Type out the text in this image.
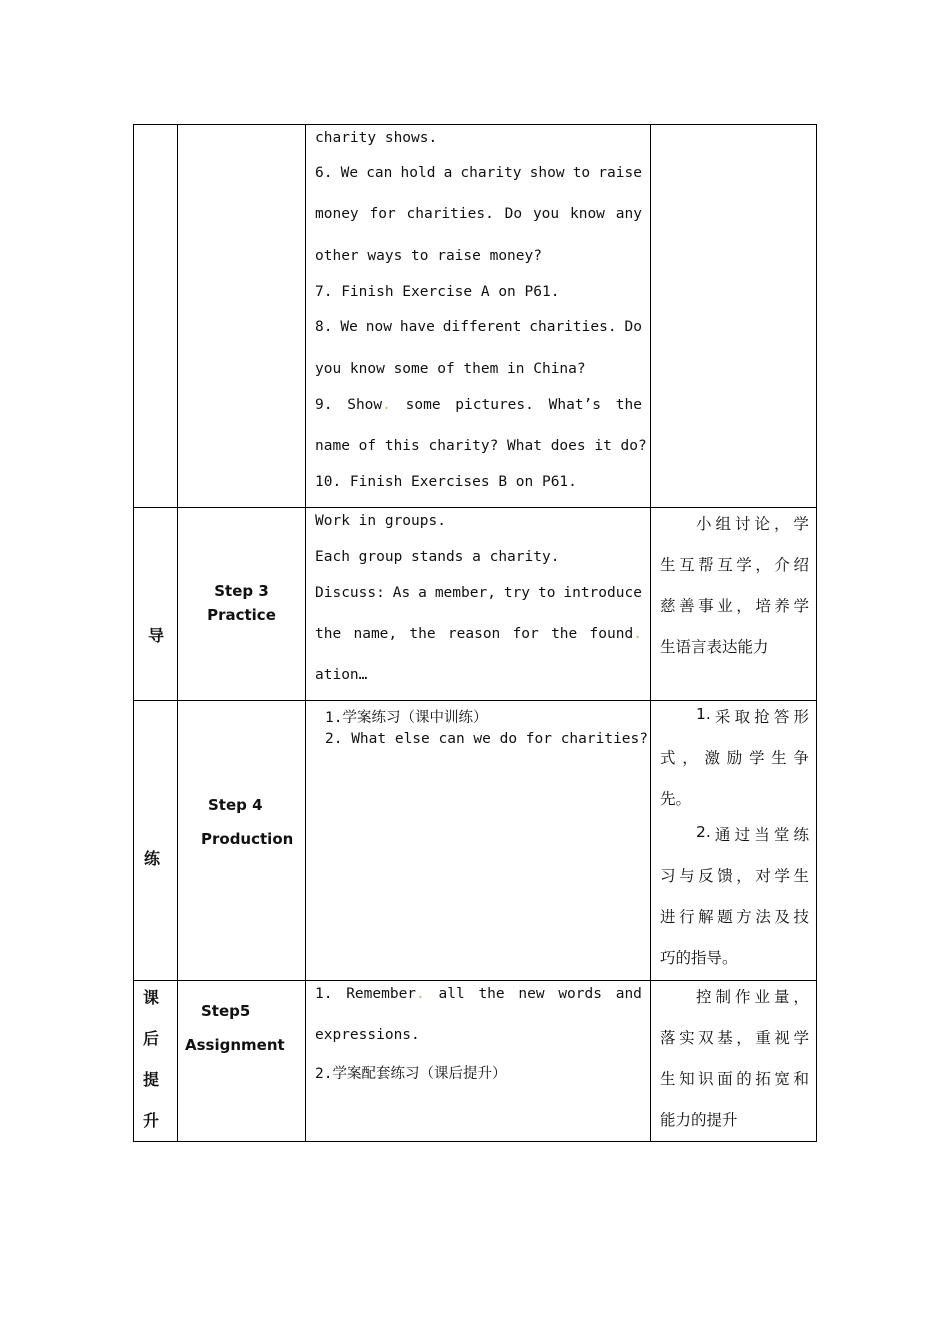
charity shows.
6. We can hold a charity show to raise
money for charities. Do you know any
other ways to raise money?
7. Finish Exercise A on P61.
8. We now have different charities. Do
you know some of them in China?
9. Show. some pictures. What’s the
name of this charity? What does it do?
10. Finish Exercises B on P61.
导
Step 3
Practice
Work in groups.
Each group stands a charity.
Discuss: As a member, try to introduce
the name, the reason for the found.
ation…
小 组 讨 论 ， 学
生 互 帮 互 学 ， 介 绍
慈 善 事 业 ， 培 养 学
生语言表达能力
练
Step 4
Production
1.学案练习（课中训练）
2. What else can we do for charities?
1. 采 取 抢 答 形
式 ， 激 励 学 生 争
先。
2. 通 过 当 堂 练
习 与 反 馈 ， 对 学 生
进 行 解 题 方 法 及 技
巧的指导。
课
后
提
升
Step5
Assignment
1. Remember. all the new words and
expressions.
2.学案配套练习（课后提升）
控 制 作 业 量 ，
落 实 双 基 ， 重 视 学
生 知 识 面 的 拓 宽 和
能力的提升
